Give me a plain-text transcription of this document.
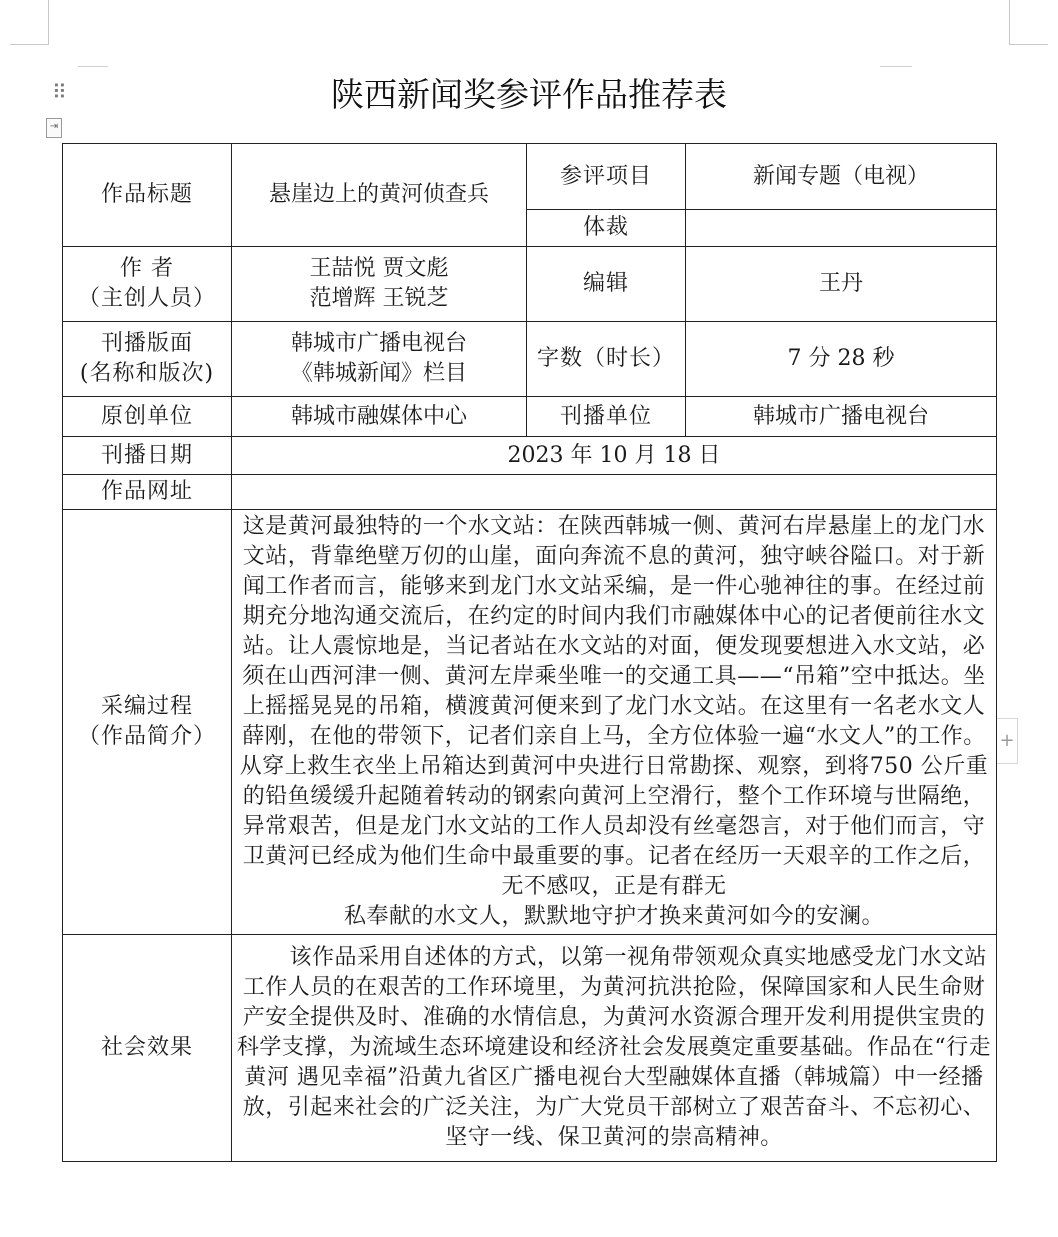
⠿
⇥
+
陕西新闻奖参评作品推荐表
作品标题	悬崖边上的黄河侦查兵	参评项目	新闻专题（电视）
		体裁	

作 者
（主创人员）	王喆悦 贾文彪
范增辉 王锐芝	编辑	王丹

刊播版面
(名称和版次)	韩城市广播电视台
《韩城新闻》栏目	字数（时长）	7 分 28 秒
原创单位	韩城市融媒体中心	刊播单位	韩城市广播电视台
刊播日期	2023 年 10 月 18 日		
作品网址			

采编过程
（作品简介）	这是黄河最独特的一个水文站：在陕西韩城一侧、黄河右岸悬崖上的龙门水文站，背靠绝壁万仞的山崖，面向奔流不息的黄河，独守峡谷隘口。对于新闻工作者而言，能够来到龙门水文站采编，是一件心驰神往的事。在经过前期充分地沟通交流后，在约定的时间内我们市融媒体中心的记者便前往水文站。让人震惊地是，当记者站在水文站的对面，便发现要想进入水文站，必须在山西河津一侧、黄河左岸乘坐唯一的交通工具——“吊箱”空中抵达。坐上摇摇晃晃的吊箱，横渡黄河便来到了龙门水文站。在这里有一名老水文人薛刚，在他的带领下，记者们亲自上马，全方位体验一遍“水文人”的工作。从穿上救生衣坐上吊箱达到黄河中央进行日常勘探、观察，到将750 公斤重的铅鱼缓缓升起随着转动的钢索向黄河上空滑行，整个工作环境与世隔绝，异常艰苦，但是龙门水文站的工作人员却没有丝毫怨言，对于他们而言，守卫黄河已经成为他们生命中最重要的事。记者在经历一天艰辛的工作之后，无不感叹，正是有群无
私奉献的水文人，默默地守护才换来黄河如今的安澜。		

社会效果	该作品采用自述体的方式，以第一视角带领观众真实地感受龙门水文站工作人员的在艰苦的工作环境里，为黄河抗洪抢险，保障国家和人民生命财产安全提供及时、准确的水情信息，为黄河水资源合理开发利用提供宝贵的科学支撑，为流域生态环境建设和经济社会发展奠定重要基础。作品在“行走黄河 遇见幸福”沿黄九省区广播电视台大型融媒体直播（韩城篇）中一经播放，引起来社会的广泛关注，为广大党员干部树立了艰苦奋斗、不忘初心、坚守一线、保卫黄河的崇高精神。		
